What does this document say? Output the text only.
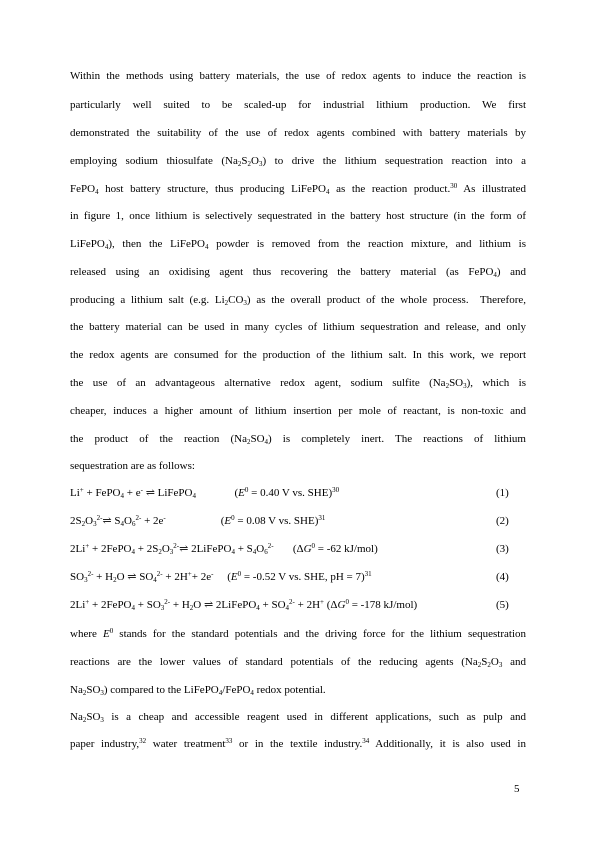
Within the methods using battery materials, the use of redox agents to induce the reaction is
particularly well suited to be scaled-up for industrial lithium production. We first
demonstrated the suitability of the use of redox agents combined with battery materials by
employing sodium thiosulfate $(Na_2S_2O_3)$ to drive the lithium sequestration reaction into a
FePO$_4$ host battery structure, thus producing LiFePO$_4$ as the reaction product.$^{30}$ As illustrated
in figure 1, once lithium is selectively sequestrated in the battery host structure (in the form of
LiFePO$_4$), then the LiFePO$_4$ powder is removed from the reaction mixture, and lithium is
released using an oxidising agent thus recovering the battery material (as FePO$_4$) and
producing a lithium salt (e.g. $Li_2CO_3$) as the overall product of the whole process.  Therefore,
the battery material can be used in many cycles of lithium sequestration and release, and only
the redox agents are consumed for the production of the lithium salt. In this work, we report
the use of an advantageous alternative redox agent, sodium sulfite $(Na_2SO_3)$, which is
cheaper, induces a higher amount of lithium insertion per mole of reactant, is non-toxic and
the product of the reaction $(Na_2SO_4)$ is completely inert. The reactions of lithium
sequestration are as follows:
Li+ + FePO$_4$ + e- ⇌ LiFePO$_4$              ($E^0 = 0.40$ V vs. SHE)$^{30}$	(1)
$2S_2O_3^{2-}\rightleftharpoons$ $S_4O_6^{2-} + 2e^-$                    ($E^0 = 0.08$ V vs. SHE)$^{31}$	(2)
2Li+ + 2FePO$_4$ + $2S_2O_3^{2-}\rightleftharpoons$ 2LiFePO$_4$ + $S_4O_6^{2-}$       ($\Delta G^0 = -62$ kJ/mol)	(3)
$SO_3^{2-} + H_2O$ ⇌ $SO_4^{2-} + 2H^++ 2e^-$     ($E^0 = -0.52$ V vs. SHE, pH = 7)$^{31}$	(4)
2Li+ + 2FePO$_4$ + $SO_3^{2-} + H_2O$ ⇌ 2LiFePO$_4$ + $SO_4^{2-} + 2H^+$ ($\Delta G^0 = -178$ kJ/mol)	(5)
where $E^0$ stands for the standard potentials and the driving force for the lithium sequestration
reactions are the lower values of standard potentials of the reducing agents ($Na_2S_2O_3$ and
$Na_2SO_3$) compared to the LiFePO$_4$/FePO$_4$ redox potential.
$Na_2SO_3$ is a cheap and accessible reagent used in different applications, such as pulp and
paper industry,$^{32}$ water treatment$^{33}$ or in the textile industry.$^{34}$ Additionally, it is also used in
5
